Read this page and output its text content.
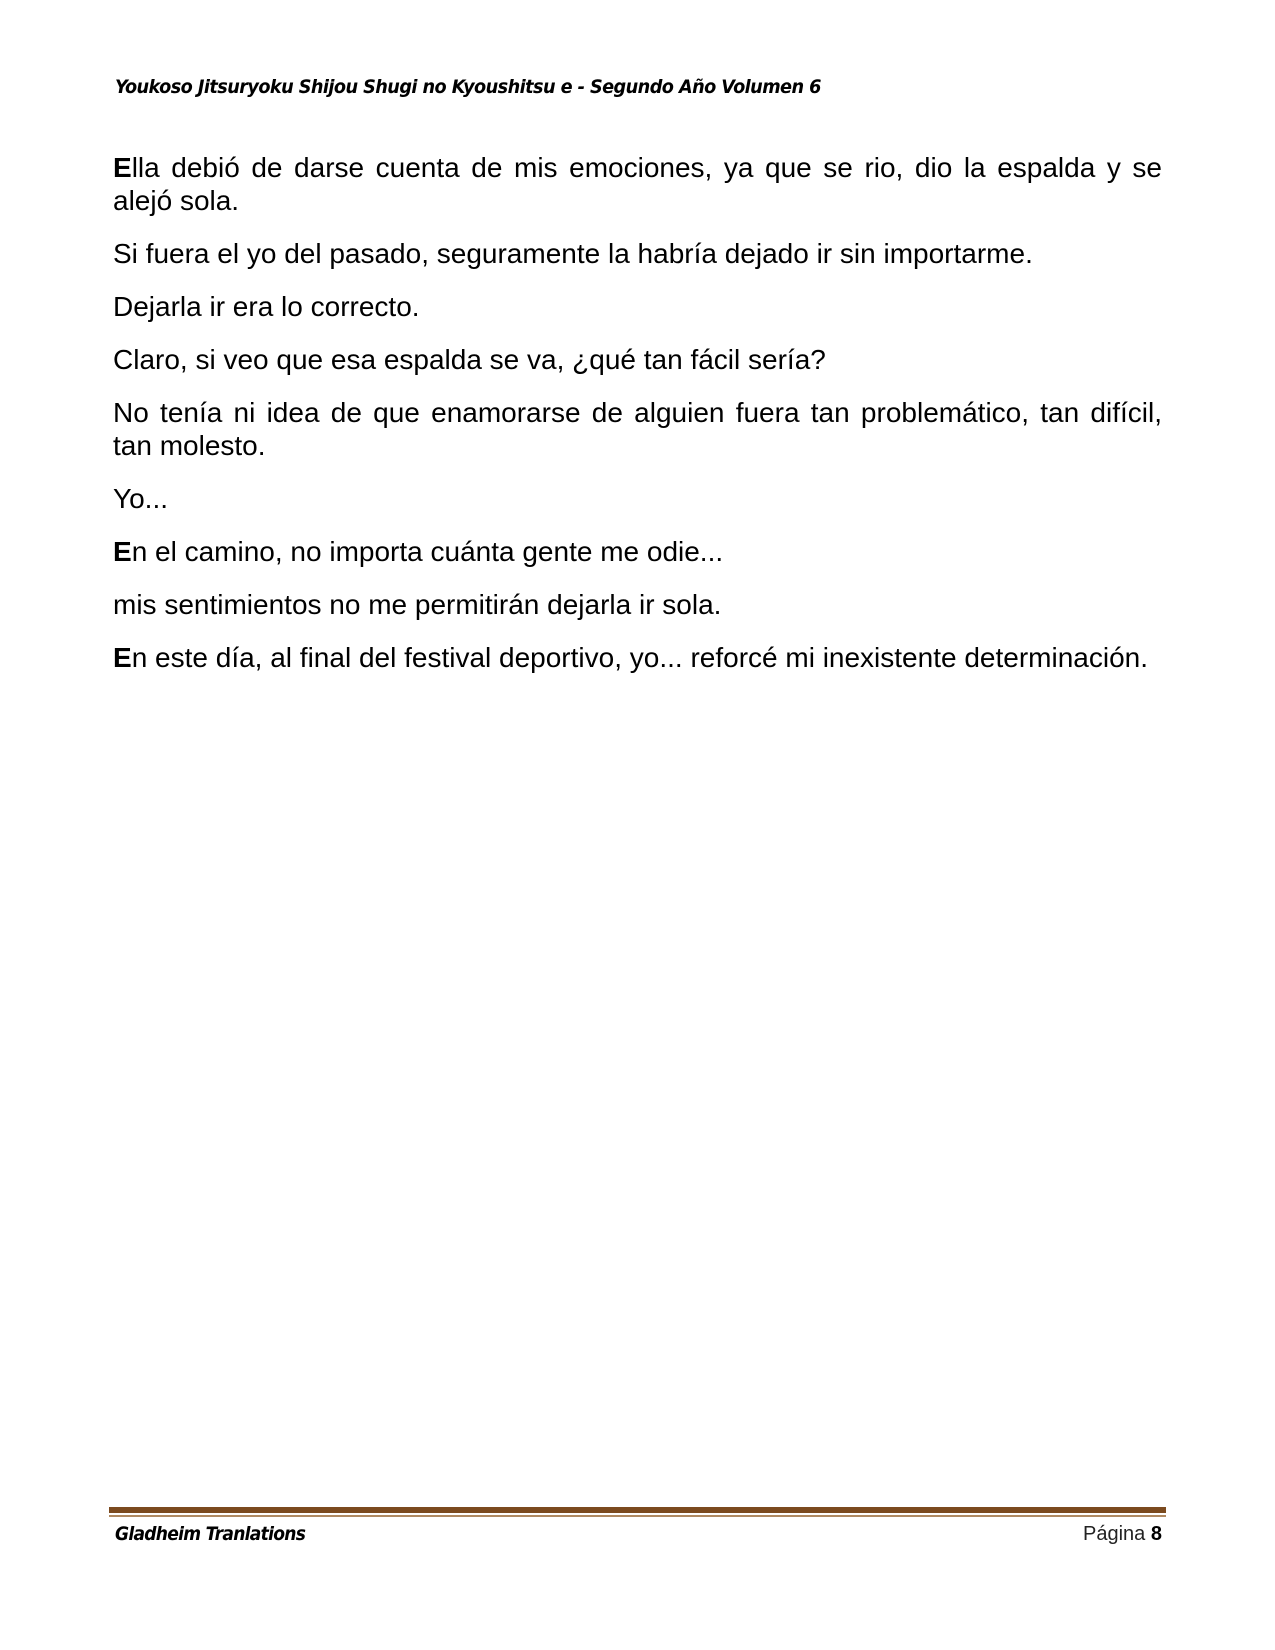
Youkoso Jitsuryoku Shijou Shugi no Kyoushitsu e - Segundo Año Volumen 6

Ella debió de darse cuenta de mis emociones, ya que se rio, dio la espalda y se alejó sola.

Si fuera el yo del pasado, seguramente la habría dejado ir sin importarme.

Dejarla ir era lo correcto.

Claro, si veo que esa espalda se va, ¿qué tan fácil sería?

No tenía ni idea de que enamorarse de alguien fuera tan problemático, tan difícil, tan molesto.

Yo...

En el camino, no importa cuánta gente me odie...

mis sentimientos no me permitirán dejarla ir sola.

En este día, al final del festival deportivo, yo... reforcé mi inexistente determinación.

Gladheim Tranlations	Página 8
